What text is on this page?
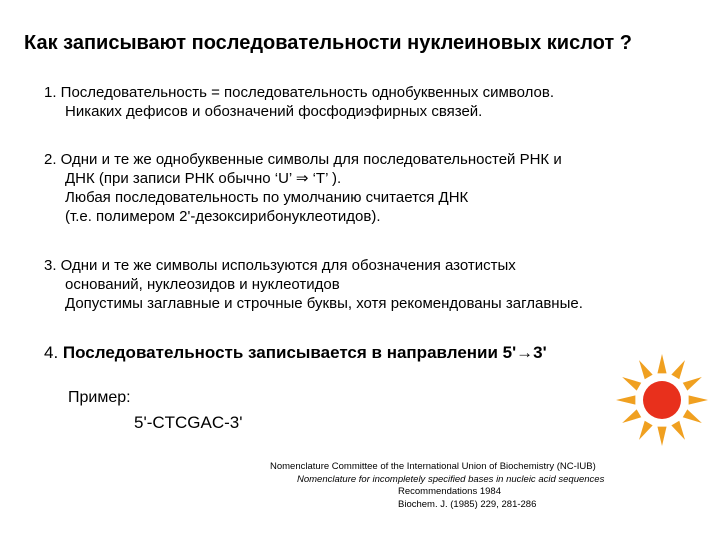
Как записывают последовательности нуклеиновых кислот ?
1. Последовательность = последовательность однобуквенных символов.
Никаких дефисов и обозначений фосфодиэфирных связей.
2. Одни и те же однобуквенные символы для последовательностей РНК и
ДНК (при записи РНК обычно ‘U’ ⇒ ‘T’ ).
Любая последовательность по умолчанию считается ДНК
(т.е. полимером 2'-дезоксирибонуклеотидов).
3. Одни и те же символы используются для обозначения азотистых
оснований, нуклеозидов и нуклеотидов
Допустимы заглавные и строчные буквы, хотя рекомендованы заглавные.
4. Последовательность записывается в направлении 5'→3'
Пример:
5'-CTCGAC-3'
Nomenclature Committee of the International Union of Biochemistry (NC-IUB)
Nomenclature for incompletely specified bases in nucleic acid sequences
Recommendations 1984
Biochem. J. (1985) 229, 281-286
